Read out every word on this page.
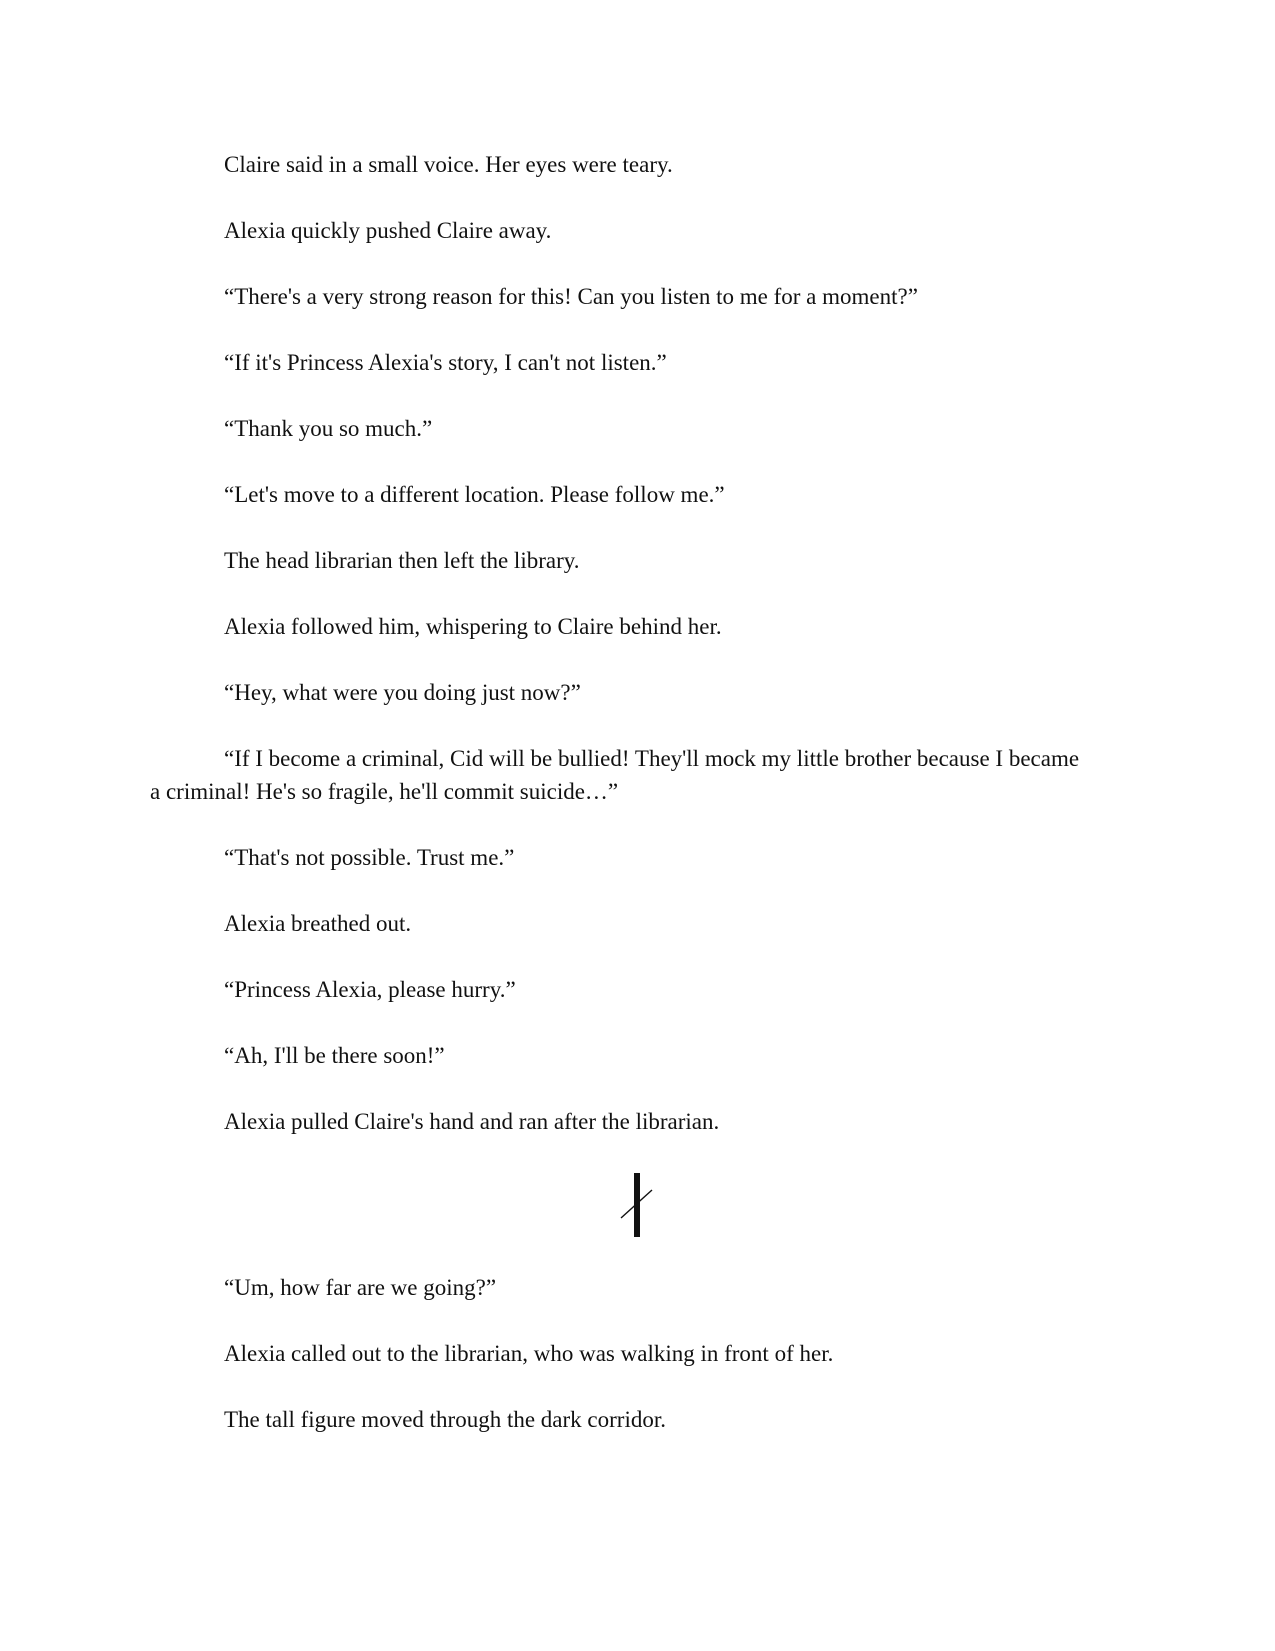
Claire said in a small voice. Her eyes were teary.

Alexia quickly pushed Claire away.

“There's a very strong reason for this! Can you listen to me for a moment?”

“If it's Princess Alexia's story, I can't not listen.”

“Thank you so much.”

“Let's move to a different location. Please follow me.”

The head librarian then left the library.

Alexia followed him, whispering to Claire behind her.

“Hey, what were you doing just now?”

“If I become a criminal, Cid will be bullied! They'll mock my little brother because I became a criminal! He's so fragile, he'll commit suicide…”

“That's not possible. Trust me.”

Alexia breathed out.

“Princess Alexia, please hurry.”

“Ah, I'll be there soon!”

Alexia pulled Claire's hand and ran after the librarian.

“Um, how far are we going?”

Alexia called out to the librarian, who was walking in front of her.

The tall figure moved through the dark corridor.
